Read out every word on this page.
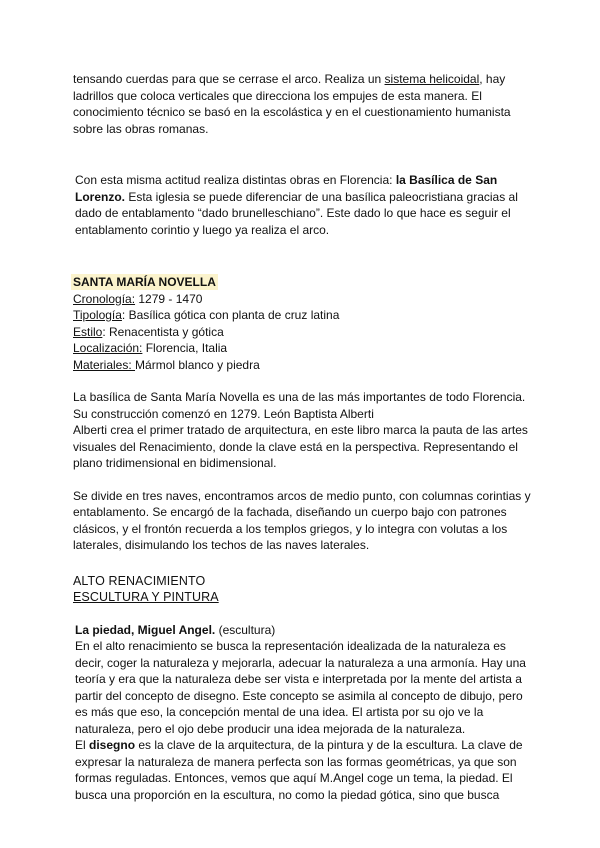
tensando cuerdas para que se cerrase el arco. Realiza un sistema helicoidal, hay ladrillos que coloca verticales que direcciona los empujes de esta manera. El conocimiento técnico se basó en la escolástica y en el cuestionamiento humanista sobre las obras romanas.

Con esta misma actitud realiza distintas obras en Florencia: la Basílica de San Lorenzo. Esta iglesia se puede diferenciar de una basílica paleocristiana gracias al dado de entablamento “dado brunelleschiano”. Este dado lo que hace es seguir el entablamento corintio y luego ya realiza el arco.

SANTA MARÍA NOVELLA
Cronología: 1279 - 1470
Tipología: Basílica gótica con planta de cruz latina
Estilo: Renacentista y gótica
Localización: Florencia, Italia
Materiales: Mármol blanco y piedra

La basílica de Santa María Novella es una de las más importantes de todo Florencia. Su construcción comenzó en 1279. León Baptista Alberti

Alberti crea el primer tratado de arquitectura, en este libro marca la pauta de las artes visuales del Renacimiento, donde la clave está en la perspectiva. Representando el plano tridimensional en bidimensional.

Se divide en tres naves, encontramos arcos de medio punto, con columnas corintias y entablamento. Se encargó de la fachada, diseñando un cuerpo bajo con patrones clásicos, y el frontón recuerda a los templos griegos, y lo integra con volutas a los laterales, disimulando los techos de las naves laterales.

ALTO RENACIMIENTO
ESCULTURA Y PINTURA
La piedad, Miguel Angel. (escultura)

En el alto renacimiento se busca la representación idealizada de la naturaleza es decir, coger la naturaleza y mejorarla, adecuar la naturaleza a una armonía. Hay una teoría y era que la naturaleza debe ser vista e interpretada por la mente del artista a partir del concepto de disegno. Este concepto se asimila al concepto de dibujo, pero es más que eso, la concepción mental de una idea. El artista por su ojo ve la naturaleza, pero el ojo debe producir una idea mejorada de la naturaleza.

El disegno es la clave de la arquitectura, de la pintura y de la escultura. La clave de expresar la naturaleza de manera perfecta son las formas geométricas, ya que son formas reguladas. Entonces, vemos que aquí M.Angel coge un tema, la piedad. El busca una proporción en la escultura, no como la piedad gótica, sino que busca
